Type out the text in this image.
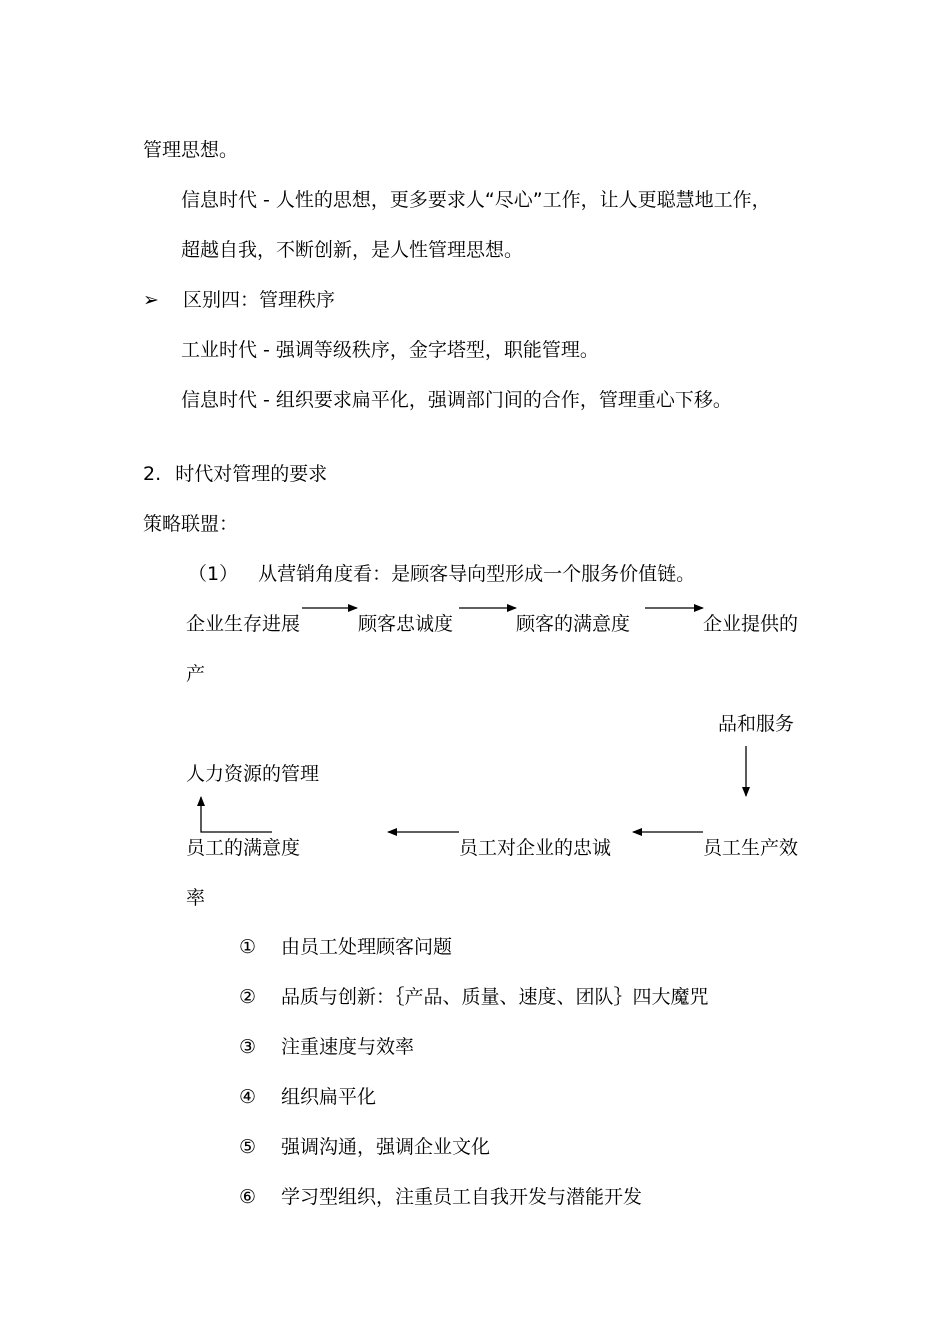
管理思想。
信息时代 - 人性的思想，更多要求人“尽心”工作，让人更聪慧地工作，
超越自我，不断创新，是人性管理思想。
➢ 区别四：管理秩序
工业时代 - 强调等级秩序，金字塔型，职能管理。
信息时代 - 组织要求扁平化，强调部门间的合作，管理重心下移。
2. 时代对管理的要求
策略联盟：
（1） 从营销角度看：是顾客导向型形成一个服务价值链。
企业生存进展	顾客忠诚度	顾客的满意度	企业提供的
产
品和服务
人力资源的管理
员工的满意度	员工对企业的忠诚	员工生产效
率
① 由员工处理顾客问题
② 品质与创新：｛产品、质量、速度、团队｝四大魔咒
③ 注重速度与效率
④ 组织扁平化
⑤ 强调沟通，强调企业文化
⑥ 学习型组织，注重员工自我开发与潜能开发
